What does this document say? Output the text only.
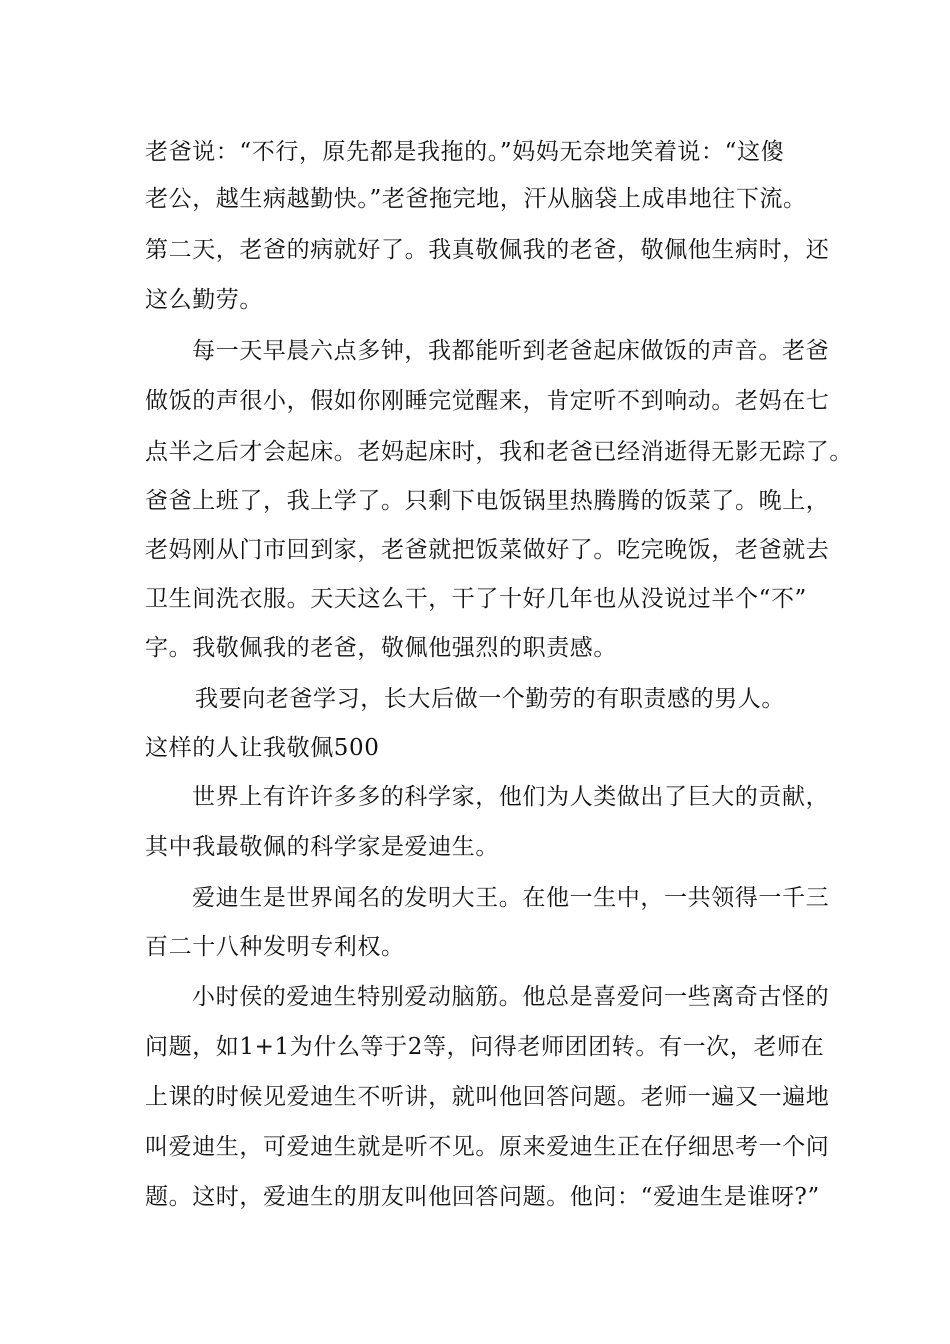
老爸说：“不行，原先都是我拖的。”妈妈无奈地笑着说：“这傻
老公，越生病越勤快。”老爸拖完地，汗从脑袋上成串地往下流。
第二天，老爸的病就好了。我真敬佩我的老爸，敬佩他生病时，还
这么勤劳。
每一天早晨六点多钟，我都能听到老爸起床做饭的声音。老爸
做饭的声很小，假如你刚睡完觉醒来，肯定听不到响动。老妈在七
点半之后才会起床。老妈起床时，我和老爸已经消逝得无影无踪了。
爸爸上班了，我上学了。只剩下电饭锅里热腾腾的饭菜了。晚上，
老妈刚从门市回到家，老爸就把饭菜做好了。吃完晚饭，老爸就去
卫生间洗衣服。天天这么干，干了十好几年也从没说过半个“不”
字。我敬佩我的老爸，敬佩他强烈的职责感。
我要向老爸学习，长大后做一个勤劳的有职责感的男人。
这样的人让我敬佩500
世界上有许许多多的科学家，他们为人类做出了巨大的贡献，
其中我最敬佩的科学家是爱迪生。
爱迪生是世界闻名的发明大王。在他一生中，一共领得一千三
百二十八种发明专利权。
小时侯的爱迪生特别爱动脑筋。他总是喜爱问一些离奇古怪的
问题，如1+1为什么等于2等，问得老师团团转。有一次，老师在
上课的时候见爱迪生不听讲，就叫他回答问题。老师一遍又一遍地
叫爱迪生，可爱迪生就是听不见。原来爱迪生正在仔细思考一个问
题。这时，爱迪生的朋友叫他回答问题。他问：“爱迪生是谁呀?”
